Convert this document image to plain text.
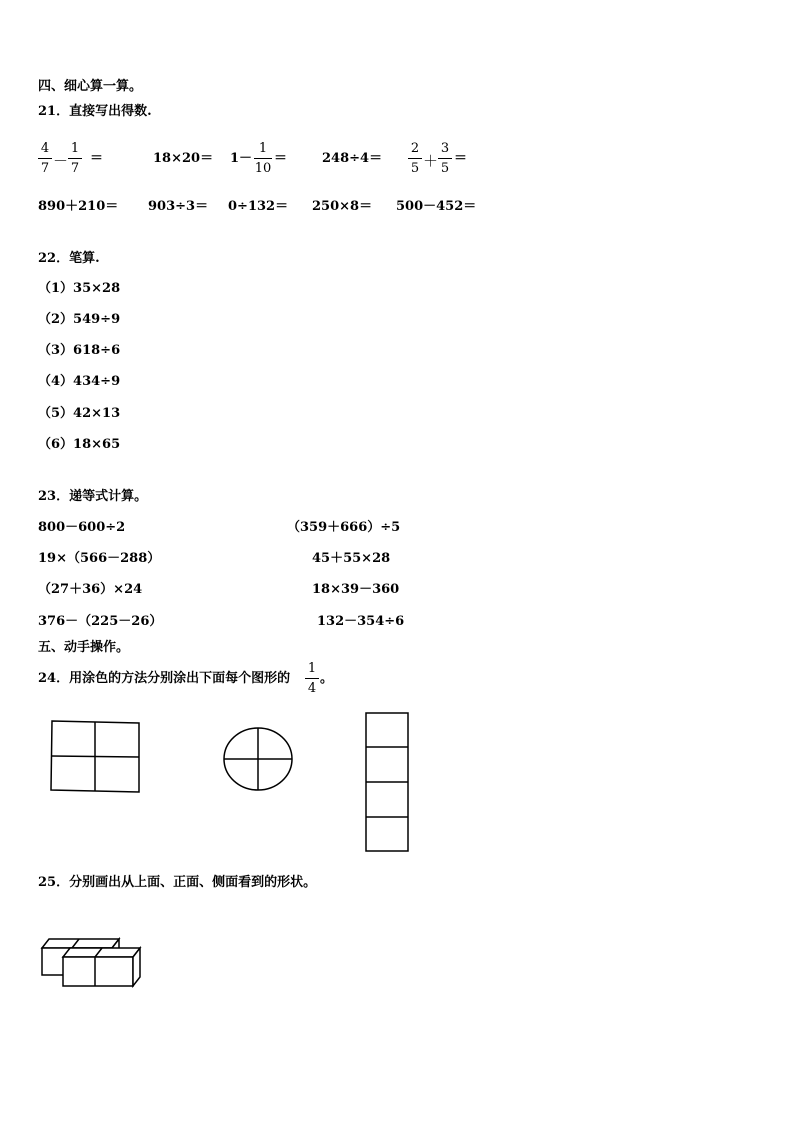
四、细心算一算。
21．直接写出得数.
4
7 －
1
7
＝	18×20＝ 1－
1
10
＝	248÷4＝
2
5 ＋
3
5
＝
890＋210＝ 903÷3＝ 0÷132＝ 250×8＝ 500－452＝
22．笔算.
（1）35×28
（2）549÷9
（3）618÷6
（4）434÷9
（5）42×13
（6）18×65
23．递等式计算。
800－600÷2
19×（566－288）
（27＋36）×24
376－（225－26）
（359＋666）÷5
45＋55×28
18×39－360
132－354÷6
五、动手操作。
24．用涂色的方法分别涂出下面每个图形的
1
4
。
25．分别画出从上面、正面、侧面看到的形状。
